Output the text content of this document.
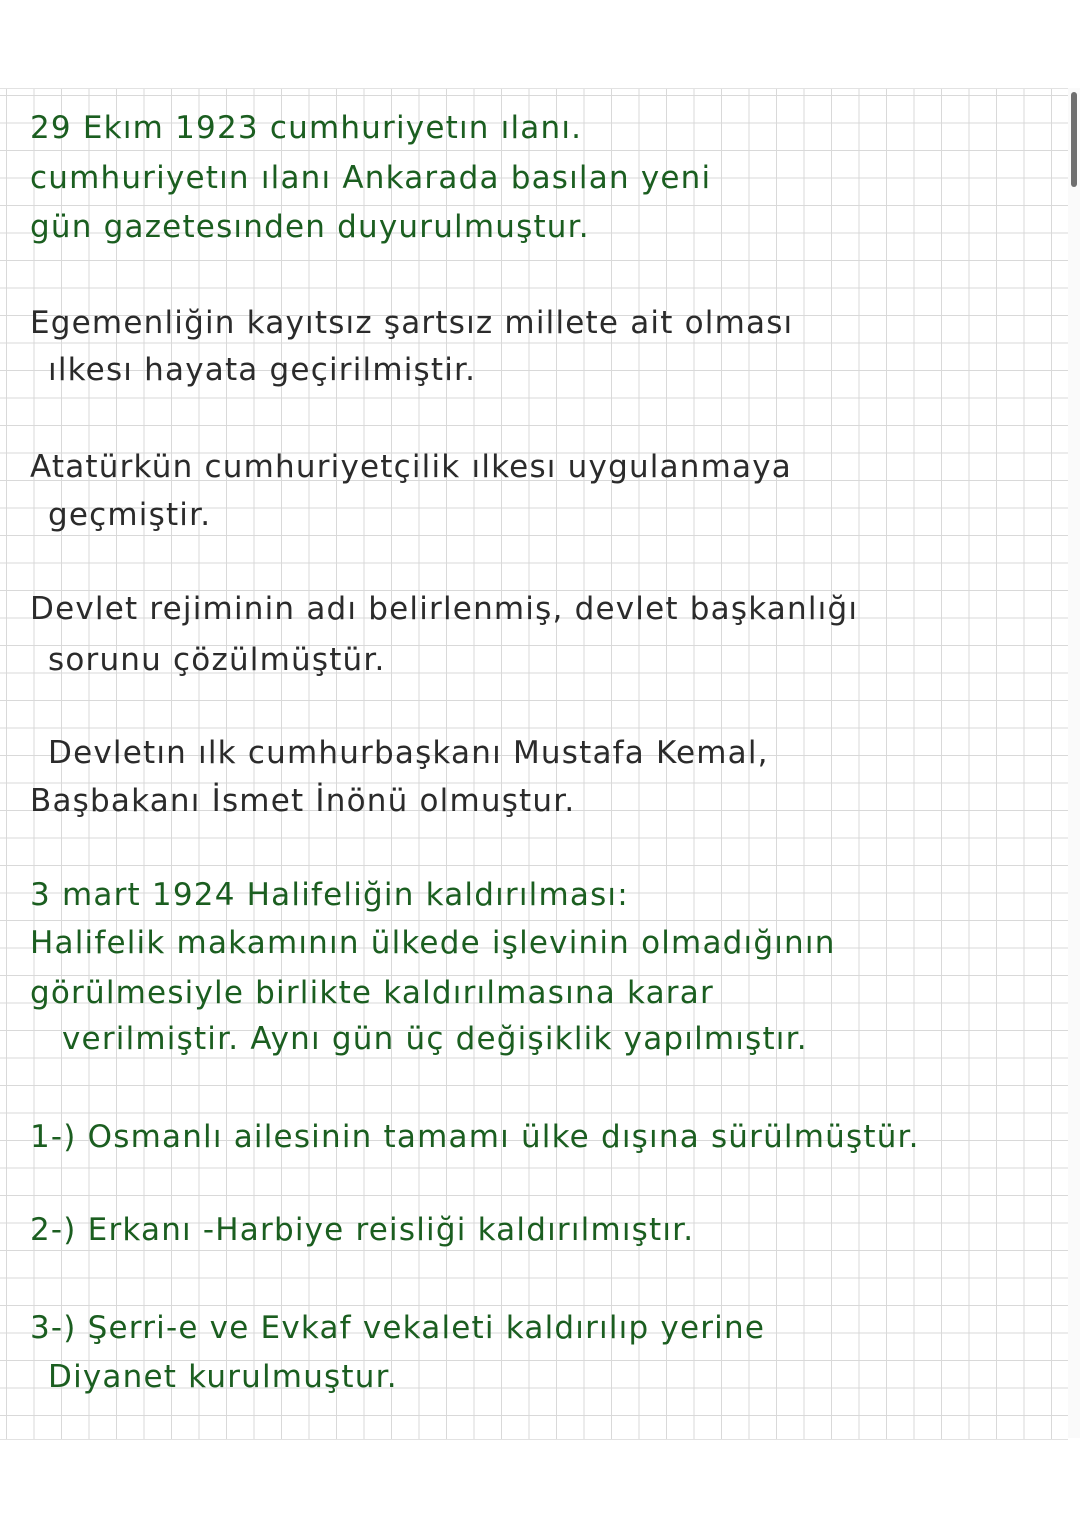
29 Ekım 1923 cumhuriyetın ılanı.
cumhuriyetın ılanı Ankarada basılan yeni
gün gazetesınden duyurulmuştur.
Egemenliğin kayıtsız şartsız millete ait olması
ılkesı hayata geçirilmiştir.
Atatürkün cumhuriyetçilik ılkesı uygulanmaya
geçmiştir.
Devlet rejiminin adı belirlenmiş, devlet başkanlığı
sorunu çözülmüştür.
Devletın ılk cumhurbaşkanı Mustafa Kemal,
Başbakanı İsmet İnönü olmuştur.
3 mart 1924 Halifeliğin kaldırılması:
Halifelik makamının ülkede işlevinin olmadığının
görülmesiyle birlikte kaldırılmasına karar
verilmiştir. Aynı gün üç değişiklik yapılmıştır.
1-) Osmanlı ailesinin tamamı ülke dışına sürülmüştür.
2-) Erkanı -Harbiye reisliği kaldırılmıştır.
3-) Şerri-e ve Evkaf vekaleti kaldırılıp yerine
Diyanet kurulmuştur.
